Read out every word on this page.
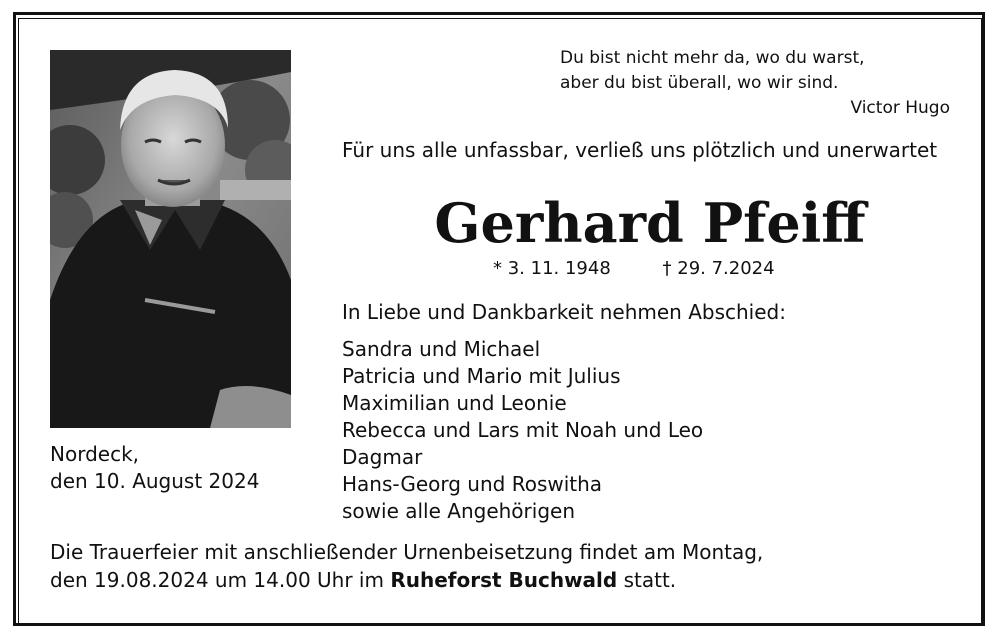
Du bist nicht mehr da, wo du warst,
aber du bist überall, wo wir sind.
Victor Hugo
Für uns alle unfassbar, verließ uns plötzlich und unerwartet
Gerhard Pfeiff
* 3. 11. 1948	† 29. 7.2024
In Liebe und Dankbarkeit nehmen Abschied:
Sandra und Michael
Patricia und Mario mit Julius
Maximilian und Leonie
Rebecca und Lars mit Noah und Leo
Dagmar
Hans-Georg und Roswitha
sowie alle Angehörigen
Nordeck,
den 10. August 2024
Die Trauerfeier mit anschließender Urnenbeisetzung findet am Montag,
den 19.08.2024 um 14.00 Uhr im Ruheforst Buchwald statt.
